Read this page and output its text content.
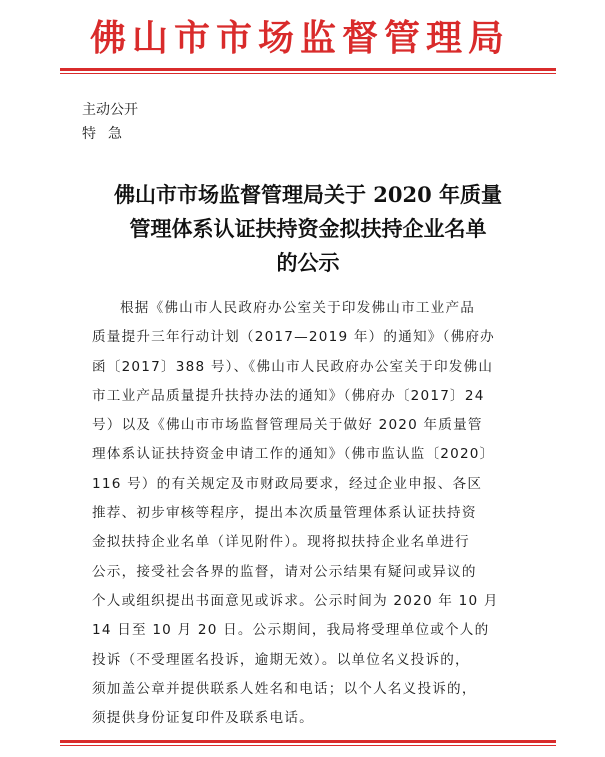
佛山市市场监督管理局
主动公开
特急
佛山市市场监督管理局关于 2020 年质量
管理体系认证扶持资金拟扶持企业名单
的公示
根据《佛山市人民政府办公室关于印发佛山市工业产品
质量提升三年行动计划（2017—2019 年）的通知》（佛府办
函〔2017〕388 号）、《佛山市人民政府办公室关于印发佛山
市工业产品质量提升扶持办法的通知》（佛府办〔2017〕24
号）以及《佛山市市场监督管理局关于做好 2020 年质量管
理体系认证扶持资金申请工作的通知》（佛市监认监〔2020〕
116 号）的有关规定及市财政局要求，经过企业申报、各区
推荐、初步审核等程序，提出本次质量管理体系认证扶持资
金拟扶持企业名单（详见附件）。现将拟扶持企业名单进行
公示，接受社会各界的监督，请对公示结果有疑问或异议的
个人或组织提出书面意见或诉求。公示时间为 2020 年 10 月
14 日至 10 月 20 日。公示期间，我局将受理单位或个人的
投诉（不受理匿名投诉，逾期无效）。以单位名义投诉的，
须加盖公章并提供联系人姓名和电话；以个人名义投诉的，
须提供身份证复印件及联系电话。
